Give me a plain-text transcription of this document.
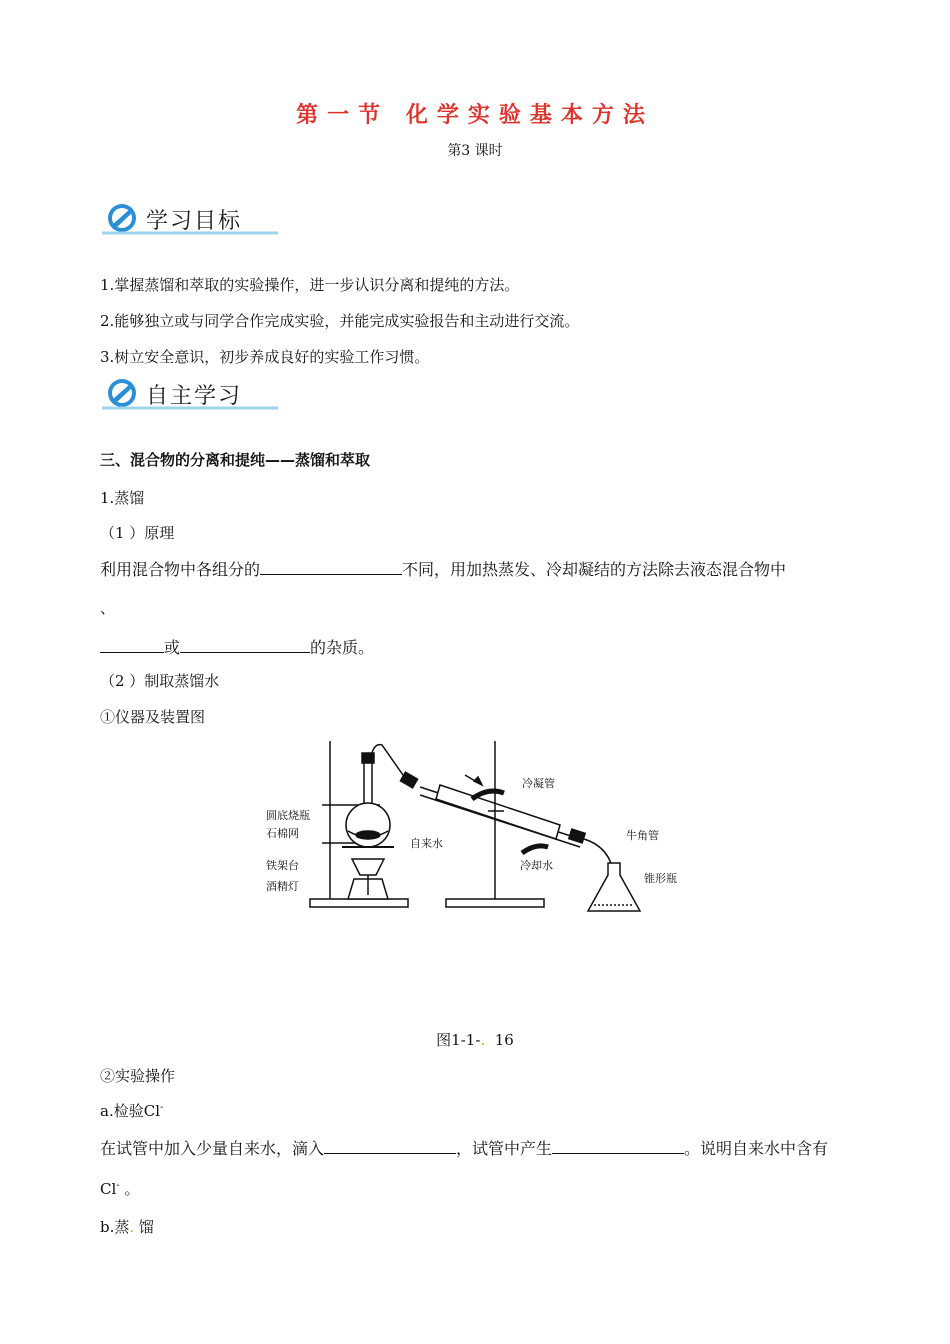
第一节 化学实验基本方法
第3 课时
学习目标
1.掌握蒸馏和萃取的实验操作，进一步认识分离和提纯的方法。
2.能够独立或与同学合作完成实验，并能完成实验报告和主动进行交流。
3.树立安全意识，初步养成良好的实验工作习惯。
自主学习
三、混合物的分离和提纯——蒸馏和萃取
1.蒸馏
（1 ）原理
利用混合物中各组分的	不同，用加热蒸发、冷却凝结的方法除去液态混合物中
、
或	的杂质。
（2 ）制取蒸馏水
①仪器及装置图
圆底烧瓶
石棉网
铁架台
酒精灯
自来水
冷凝管
冷却水
牛角管
锥形瓶
图1-1-. 16
②实验操作
a.检验Cl-
在试管中加入少量自来水，滴入	，试管中产生	。说明自来水中含有
Cl- 。
b.蒸. 馏
